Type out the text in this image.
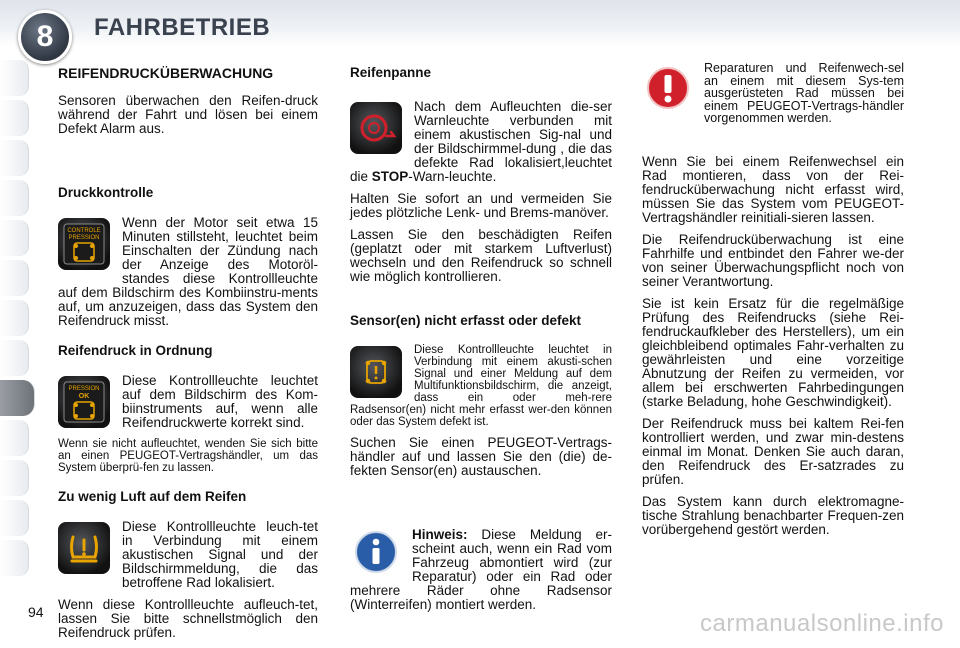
8	FAHRBETRIEB
REIFENDRUCKÜBERWACHUNG

Sensoren überwachen den Reifen-druck während der Fahrt und lösen bei einem Defekt Alarm aus.

Druckkontrolle
CONTROLE
PRESSION

Wenn der Motor seit etwa 15 Minuten stillsteht, leuchtet beim Einschalten der Zündung nach der Anzeige des Motoröl-standes diese Kontrollleuchte auf dem Bildschirm des Kombiinstru-ments auf, um anzuzeigen, dass das System den Reifendruck misst.

Reifendruck in Ordnung
PRESSION
OK

Diese Kontrollleuchte leuchtet auf dem Bildschirm des Kom-biinstruments auf, wenn alle Reifendruckwerte korrekt sind.

Wenn sie nicht aufleuchtet, wenden Sie sich bitte an einen PEUGEOT-Vertragshändler, um das System überprü-fen zu lassen.

Zu wenig Luft auf dem Reifen

Diese Kontrollleuchte leuch-tet in Verbindung mit einem akustischen Signal und der Bildschirmmeldung, die das betroffene Rad lokalisiert.

Wenn diese Kontrollleuchte aufleuch-tet, lassen Sie bitte schnellstmöglich den Reifendruck prüfen.

Reifenpanne

Nach dem Aufleuchten die-ser Warnleuchte verbunden mit einem akustischen Sig-nal und der Bildschirmmel-dung , die das defekte Rad lokalisiert,leuchtet die STOP-Warn-leuchte.

Halten Sie sofort an und vermeiden Sie jedes plötzliche Lenk- und Brems-manöver.

Lassen Sie den beschädigten Reifen (geplatzt oder mit starkem Luftverlust) wechseln und den Reifendruck so schnell wie möglich kontrollieren.

Sensor(en) nicht erfasst oder defekt

Diese Kontrollleuchte leuchtet in Verbindung mit einem akusti-schen Signal und einer Meldung auf dem Multifunktionsbildschirm, die anzeigt, dass ein oder meh-rere Radsensor(en) nicht mehr erfasst wer-den können oder das System defekt ist.

Suchen Sie einen PEUGEOT-Vertrags-händler auf und lassen Sie den (die) de-fekten Sensor(en) austauschen.

Hinweis: Diese Meldung er-scheint auch, wenn ein Rad vom Fahrzeug abmontiert wird (zur Reparatur) oder ein Rad oder mehrere Räder ohne Radsensor (Winterreifen) montiert werden.

Reparaturen und Reifenwech-sel an einem mit diesem Sys-tem ausgerüsteten Rad müssen bei einem PEUGEOT-Vertrags-händler vorgenommen werden.

Wenn Sie bei einem Reifenwechsel ein Rad montieren, dass von der Rei-fendrucküberwachung nicht erfasst wird, müssen Sie das System vom PEUGEOT-Vertragshändler reinitiali-sieren lassen.

Die Reifendrucküberwachung ist eine Fahrhilfe und entbindet den Fahrer we-der von seiner Überwachungspflicht noch von seiner Verantwortung.

Sie ist kein Ersatz für die regelmäßige Prüfung des Reifendrucks (siehe Rei-fendruckaufkleber des Herstellers), um ein gleichbleibend optimales Fahr-verhalten zu gewährleisten und eine vorzeitige Abnutzung der Reifen zu vermeiden, vor allem bei erschwerten Fahrbedingungen (starke Beladung, hohe Geschwindigkeit).

Der Reifendruck muss bei kaltem Rei-fen kontrolliert werden, und zwar min-destens einmal im Monat. Denken Sie auch daran, den Reifendruck des Er-satzrades zu prüfen.

Das System kann durch elektromagne-tische Strahlung benachbarter Frequen-zen vorübergehend gestört werden.

94	carmanualsonline.info
